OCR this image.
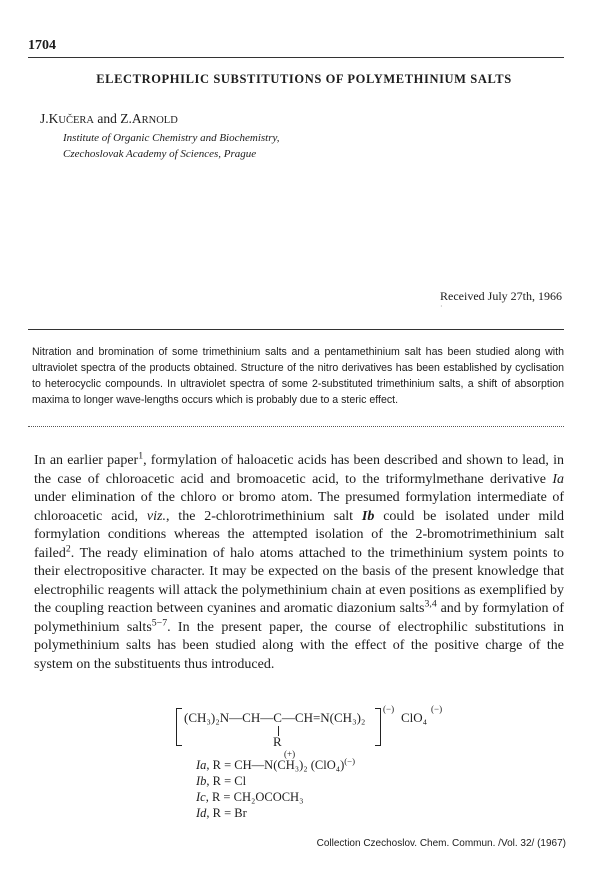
1704
ELECTROPHILIC SUBSTITUTIONS OF POLYMETHINIUM SALTS
J.KUČERA and Z.ARNOLD
Institute of Organic Chemistry and Biochemistry,
Czechoslovak Academy of Sciences, Prague
Received July 27th, 1966
·
Nitration and bromination of some trimethinium salts and a pentamethinium salt has been studied along with ultraviolet spectra of the products obtained. Structure of the nitro derivatives has been established by cyclisation to heterocyclic compounds. In ultraviolet spectra of some 2-substituted trimethinium salts, a shift of absorption maxima to longer wave-lengths occurs which is probably due to a steric effect.

In an earlier paper$^1$, formylation of haloacetic acids has been described and shown to lead, in the case of chloroacetic acid and bromoacetic acid, to the triformylmethane derivative Ia under elimination of the chloro or bromo atom. The presumed formylation intermediate of chloroacetic acid, viz., the 2-chlorotrimethinium salt Ib could be isolated under mild formylation conditions whereas the attempted isolation of the 2-bromotrimethinium salt failed$^2$. The ready elimination of halo atoms attached to the trimethinium system points to their electropositive character. It may be expected on the basis of the present knowledge that electrophilic reagents will attack the polymethinium chain at even positions as exemplified by the coupling reaction between cyanines and aromatic diazonium salts$^{3,4}$ and by formylation of polymethinium salts$^{5-7}$. In the present paper, the course of electrophilic substitutions in polymethinium salts has been studied along with the effect of the positive charge of the system on the substituents thus introduced.

(CH₃)₂N—CH—C—CH=N(CH₃)₂
(−)
ClO₄
(−)
R
(+)
Ia, R = CH—N(CH₃)₂ (ClO₄)(−)
Ib, R = Cl
Ic, R = CH₂OCOCH₃
Id, R = Br
Collection Czechoslov. Chem. Commun. /Vol. 32/ (1967)
